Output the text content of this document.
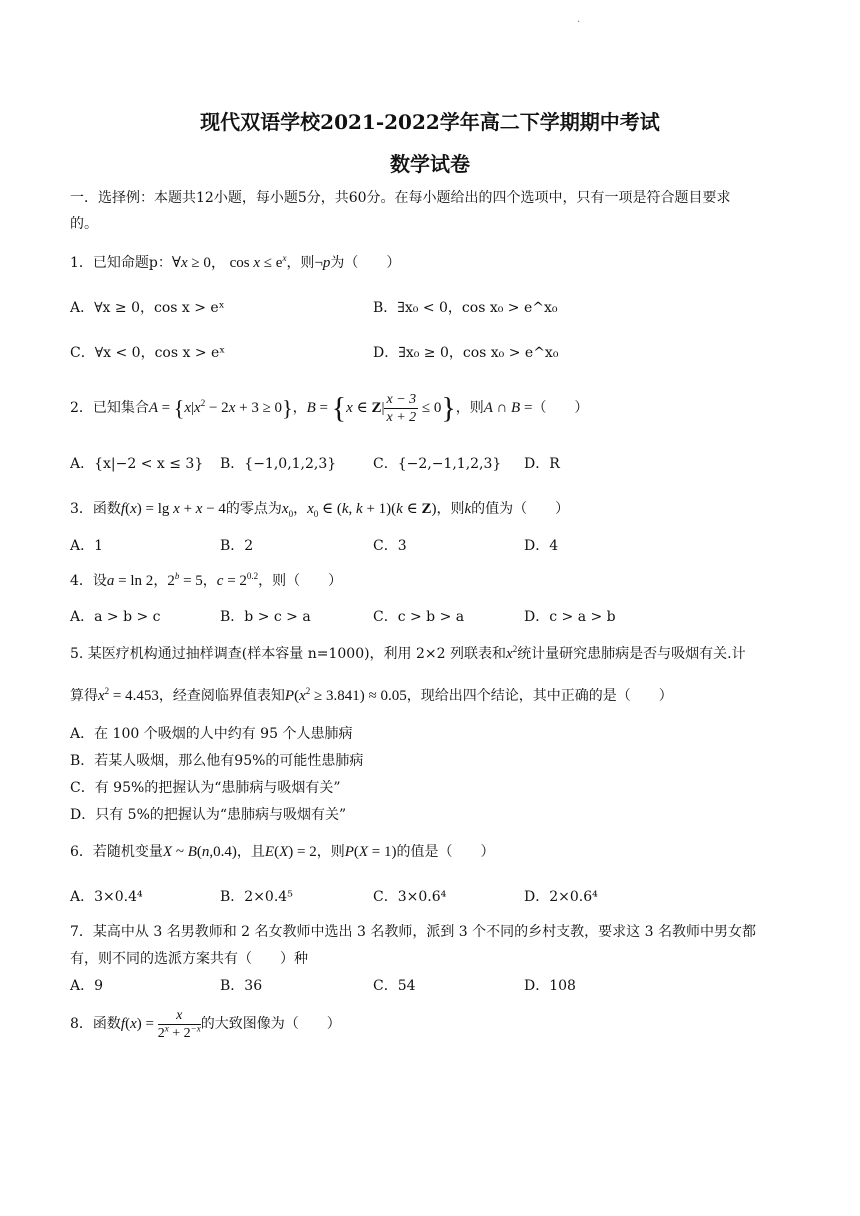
.
现代双语学校2021-2022学年高二下学期期中考试
数学试卷
一．选择例：本题共12小题，每小题5分，共60分。在每小题给出的四个选项中，只有一项是符合题目要求
的。
1．已知命题p：∀x ≥ 0， $\cos x \le e^x$，则¬p为（　　）
A．∀x ≥ 0，cos x > eˣ	B．∃x₀ < 0，cos x₀ > e^x₀
C．∀x < 0，cos x > eˣ	D．∃x₀ ≥ 0，cos x₀ > e^x₀
2．已知集合$A = \{x|x^2 - 2x + 3 \ge 0\}$，B = {x ∈ $Z| \frac{x - 3}{x + 2} \le 0$}，则A ∩ B =（　　）
A．{x|−2 < x ≤ 3} B．{−1,0,1,2,3}	C．{−2,−1,1,2,3} D．R
3．函数f(x) = lg x + x − 4的零点为$x_0$，$x_0$ ∈ (k, k + 1)(k ∈ Z)，则k的值为（　　）
A．1	B．2	C．3	D．4
4．设a = ln 2，$2^b = 5$，$c = 2^{0.2}$，则（　　）
A．a > b > c	B．b > c > a	C．c > b > a	D．c > a > b
5. 某医疗机构通过抽样调查(样本容量 n=1000)，利用 2×2 列联表和$x^2$统计量研究患肺病是否与吸烟有关.计
算得$x^2 = 4.453$，经查阅临界值表知$P(x^2 \ge 3.841) \approx 0.05$，现给出四个结论，其中正确的是（　　）
A．在 100 个吸烟的人中约有 95 个人患肺病
B．若某人吸烟，那么他有95%的可能性患肺病
C．有 95%的把握认为“患肺病与吸烟有关”
D．只有 5%的把握认为“患肺病与吸烟有关”
6．若随机变量X ~ B(n,0.4)，且E(X) = 2，则P(X = 1)的值是（　　）
A．3×0.4⁴	B．2×0.4⁵	C．3×0.6⁴	D．2×0.6⁴
7．某高中从 3 名男教师和 2 名女教师中选出 3 名教师，派到 3 个不同的乡村支教，要求这 3 名教师中男女都
有，则不同的选派方案共有（　　）种
A．9	B．36	C．54	D．108
8．函数$f(x) = \frac{x}{2^x + 2^{-x}}$ 的大致图像为（　　）
